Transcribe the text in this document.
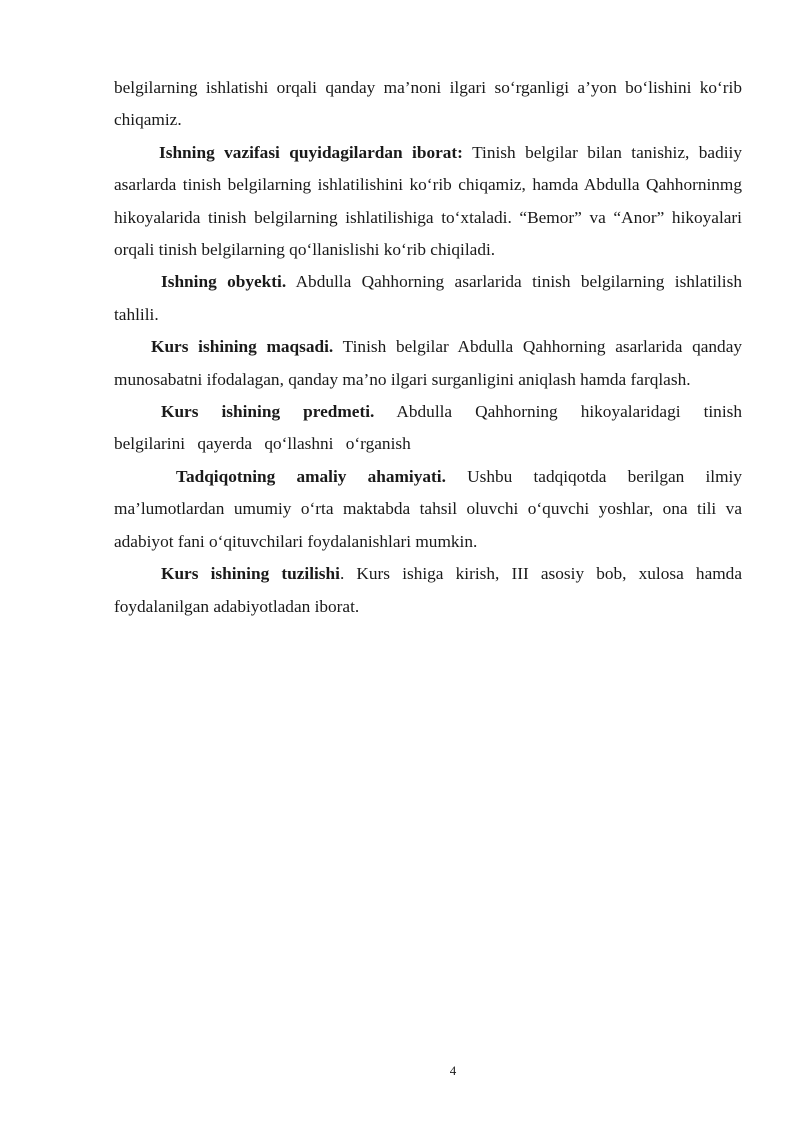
belgilarning ishlatishi orqali qanday ma’noni ilgari so‘rganligi a’yon bo‘lishini ko‘rib chiqamiz.

Ishning vazifasi quyidagilardan iborat: Tinish belgilar bilan tanishiz, badiiy asarlarda tinish belgilarning ishlatilishini ko‘rib chiqamiz, hamda Abdulla Qahhorninmg hikoyalarida tinish belgilarning ishlatilishiga to‘xtaladi. “Bemor” va “Anor” hikoyalari orqali tinish belgilarning qo‘llanislishi ko‘rib chiqiladi.

Ishning obyekti. Abdulla Qahhorning asarlarida tinish belgilarning ishlatilish tahlili.

Kurs ishining maqsadi. Tinish belgilar Abdulla Qahhorning asarlarida qanday munosabatni ifodalagan, qanday ma’no ilgari surganligini aniqlash hamda farqlash.

Kurs ishining predmeti. Abdulla Qahhorning hikoyalaridagi tinish belgilarini qayerda qo‘llashni o‘rganish

Tadqiqotning amaliy ahamiyati. Ushbu tadqiqotda berilgan ilmiy ma’lumotlardan umumiy o‘rta maktabda tahsil oluvchi o‘quvchi yoshlar, ona tili va adabiyot fani o‘qituvchilari foydalanishlari mumkin.

Kurs ishining tuzilishi. Kurs ishiga kirish, III asosiy bob, xulosa hamda foydalanilgan adabiyotladan iborat.

4
